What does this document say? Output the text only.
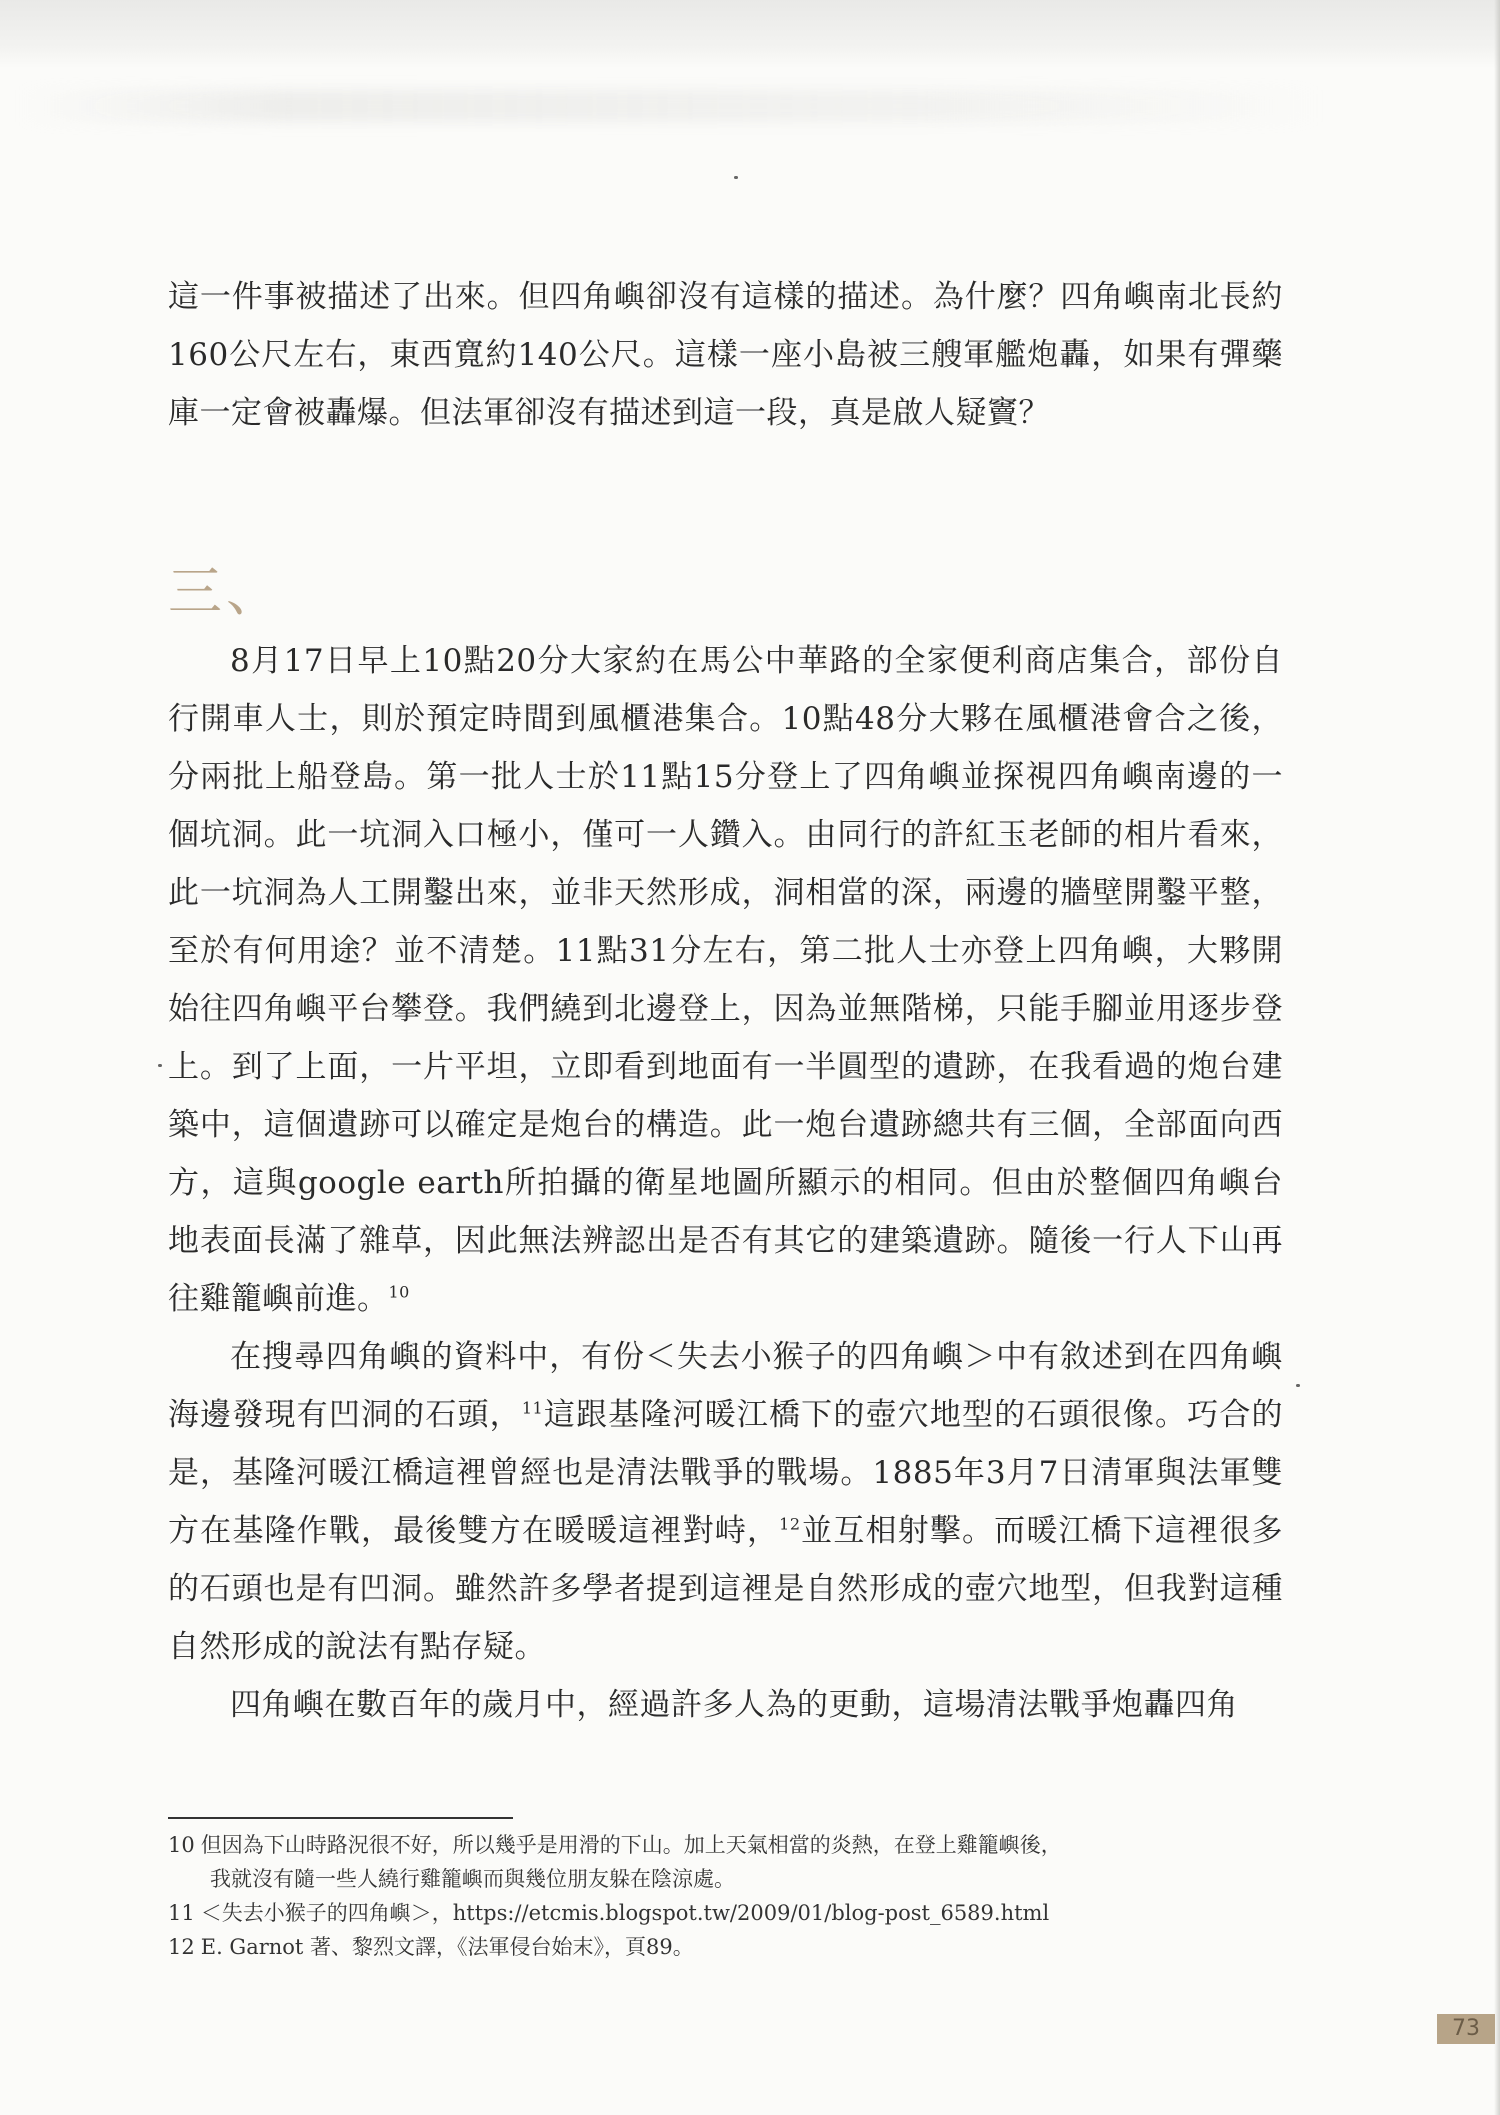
這一件事被描述了出來。但四角嶼卻沒有這樣的描述。為什麼？四角嶼南北長約160公尺左右，東西寬約140公尺。這樣一座小島被三艘軍艦炮轟，如果有彈藥庫一定會被轟爆。但法軍卻沒有描述到這一段，真是啟人疑竇？

三、

8月17日早上10點20分大家約在馬公中華路的全家便利商店集合，部份自行開車人士，則於預定時間到風櫃港集合。10點48分大夥在風櫃港會合之後，分兩批上船登島。第一批人士於11點15分登上了四角嶼並探視四角嶼南邊的一個坑洞。此一坑洞入口極小，僅可一人鑽入。由同行的許紅玉老師的相片看來，此一坑洞為人工開鑿出來，並非天然形成，洞相當的深，兩邊的牆壁開鑿平整，至於有何用途？並不清楚。11點31分左右，第二批人士亦登上四角嶼，大夥開始往四角嶼平台攀登。我們繞到北邊登上，因為並無階梯，只能手腳並用逐步登上。到了上面，一片平坦，立即看到地面有一半圓型的遺跡，在我看過的炮台建築中，這個遺跡可以確定是炮台的構造。此一炮台遺跡總共有三個，全部面向西方，這與google earth所拍攝的衛星地圖所顯示的相同。但由於整個四角嶼台地表面長滿了雜草，因此無法辨認出是否有其它的建築遺跡。隨後一行人下山再往雞籠嶼前進。$^{10}$

在搜尋四角嶼的資料中，有份＜失去小猴子的四角嶼＞中有敘述到在四角嶼海邊發現有凹洞的石頭，$^{11}$這跟基隆河暖江橋下的壺穴地型的石頭很像。巧合的是，基隆河暖江橋這裡曾經也是清法戰爭的戰場。1885年3月7日清軍與法軍雙方在基隆作戰，最後雙方在暖暖這裡對峙，$^{12}$並互相射擊。而暖江橋下這裡很多的石頭也是有凹洞。雖然許多學者提到這裡是自然形成的壺穴地型，但我對這種自然形成的說法有點存疑。

四角嶼在數百年的歲月中，經過許多人為的更動，這場清法戰爭炮轟四角

10 但因為下山時路況很不好，所以幾乎是用滑的下山。加上天氣相當的炎熱，在登上雞籠嶼後，
我就沒有隨一些人繞行雞籠嶼而與幾位朋友躲在陰涼處。
11 ＜失去小猴子的四角嶼＞，https://etcmis.blogspot.tw/2009/01/blog-post_6589.html
12 E. Garnot 著、黎烈文譯，《法軍侵台始末》，頁89。
73
